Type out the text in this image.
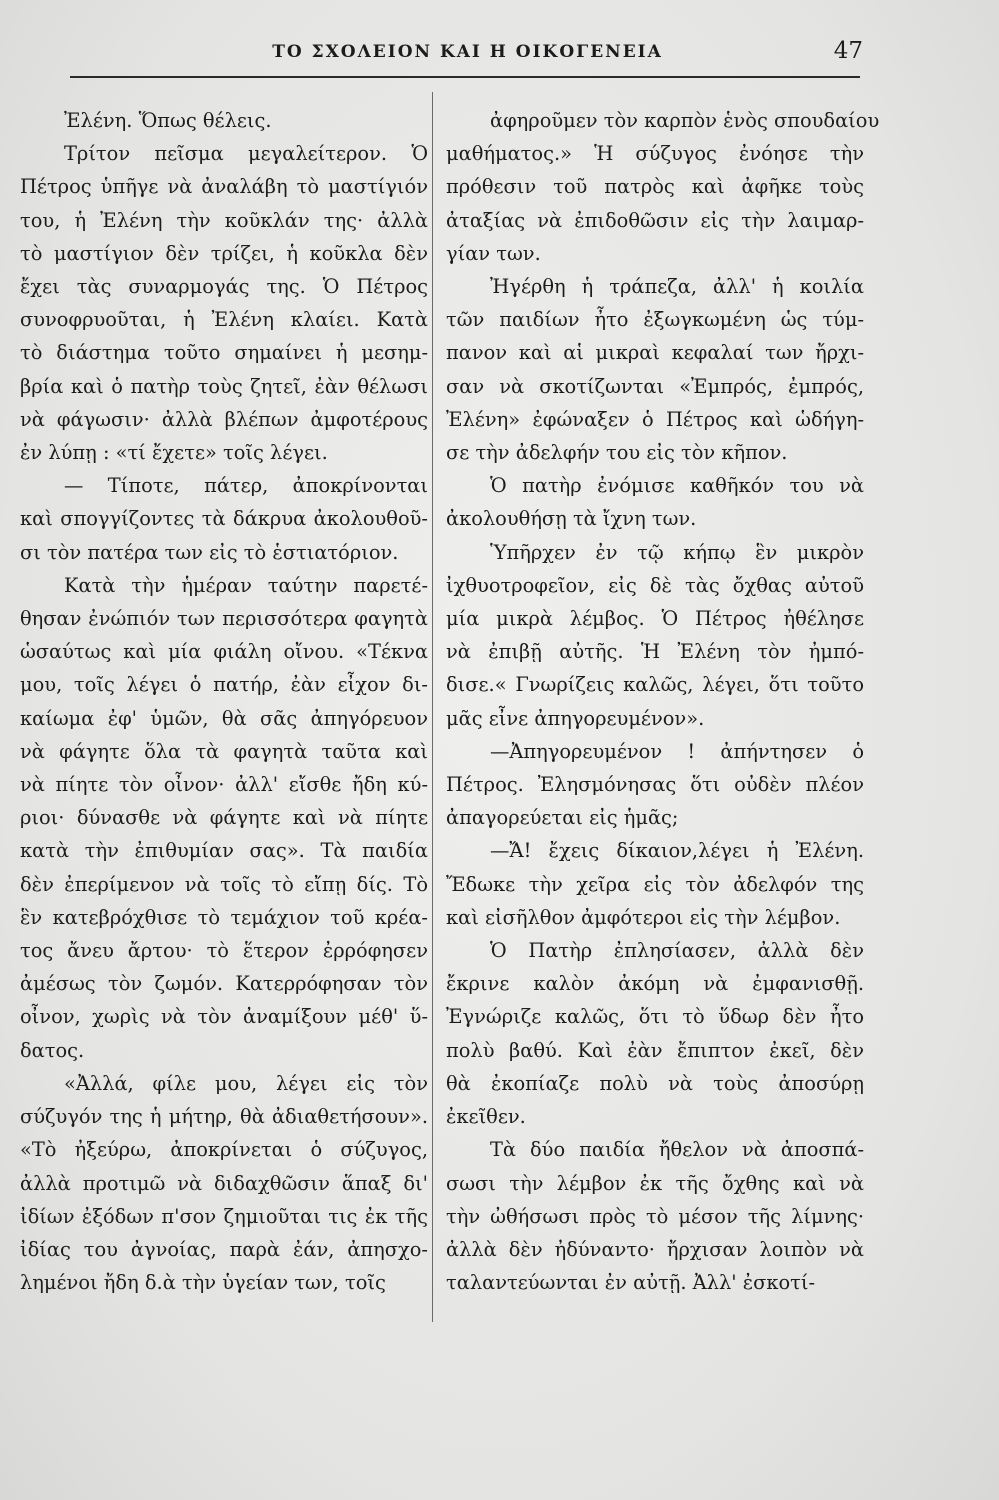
ΤΟ ΣΧΟΛΕΙΟΝ ΚΑΙ Η ΟΙΚΟΓΕΝΕΙΑ	47
Ἐλένη. Ὅπως θέλεις.
Τρίτον πεῖσμα μεγαλείτερον. Ὁ
Πέτρος ὑπῆγε νὰ ἀναλάβη τὸ μαστίγιόν
του, ἡ Ἐλένη τὴν κοῦκλάν της· ἀλλὰ
τὸ μαστίγιον δὲν τρίζει, ἡ κοῦκλα δὲν
ἔχει τὰς συναρμογάς της. Ὁ Πέτρος
συνοφρυοῦται, ἡ Ἐλένη κλαίει. Κατὰ
τὸ διάστημα τοῦτο σημαίνει ἡ μεσημ-
βρία καὶ ὁ πατὴρ τοὺς ζητεῖ, ἐὰν θέλωσι
νὰ φάγωσιν· ἀλλὰ βλέπων ἀμφοτέρους
ἐν λύπῃ : «τί ἔχετε» τοῖς λέγει.
— Τίποτε, πάτερ, ἀποκρίνονται
καὶ σπογγίζοντες τὰ δάκρυα ἀκολουθοῦ-
σι τὸν πατέρα των εἰς τὸ ἑστιατόριον.
Κατὰ τὴν ἡμέραν ταύτην παρετέ-
θησαν ἐνώπιόν των περισσότερα φαγητὰ
ὡσαύτως καὶ μία φιάλη οἴνου. «Τέκνα
μου, τοῖς λέγει ὁ πατήρ, ἐὰν εἶχον δι-
καίωμα ἐφ' ὑμῶν, θὰ σᾶς ἀπηγόρευον
νὰ φάγητε ὅλα τὰ φαγητὰ ταῦτα καὶ
νὰ πίητε τὸν οἶνον· ἀλλ' εἴσθε ἤδη κύ-
ριοι· δύνασθε νὰ φάγητε καὶ νὰ πίητε
κατὰ τὴν ἐπιθυμίαν σας». Τὰ παιδία
δὲν ἐπερίμενον νὰ τοῖς τὸ εἴπῃ δίς. Τὸ
ἓν κατεβρόχθισε τὸ τεμάχιον τοῦ κρέα-
τος ἄνευ ἄρτου· τὸ ἕτερον ἐρρόφησεν
ἀμέσως τὸν ζωμόν. Κατερρόφησαν τὸν
οἶνον, χωρὶς νὰ τὸν ἀναμίξουν μέθ' ὕ-
δατος.
«Ἀλλά, φίλε μου, λέγει εἰς τὸν
σύζυγόν της ἡ μήτηρ, θὰ ἀδιαθετήσουν».
«Τὸ ἠξεύρω, ἀποκρίνεται ὁ σύζυγος,
ἀλλὰ προτιμῶ νὰ διδαχθῶσιν ἅπαξ δι'
ἰδίων ἐξόδων π'σον ζημιοῦται τις ἐκ τῆς
ἰδίας του ἀγνοίας, παρὰ ἐάν, ἀπησχο-
λημένοι ἤδη δ.ὰ τὴν ὑγείαν των, τοῖς
ἀφηροῦμεν τὸν καρπὸν ἑνὸς σπουδαίου
μαθήματος.» Ἡ σύζυγος ἐνόησε τὴν
πρόθεσιν τοῦ πατρὸς καὶ ἀφῆκε τοὺς
ἀταξίας νὰ ἐπιδοθῶσιν εἰς τὴν λαιμαρ-
γίαν των.
Ἠγέρθη ἡ τράπεζα, ἀλλ' ἡ κοιλία
τῶν παιδίων ἦτο ἐξωγκωμένη ὡς τύμ-
πανον καὶ αἱ μικραὶ κεφαλαί των ἤρχι-
σαν νὰ σκοτίζωνται «Ἐμπρός, ἐμπρός,
Ἐλένη» ἐφώναξεν ὁ Πέτρος καὶ ὡδήγη-
σε τὴν ἀδελφήν του εἰς τὸν κῆπον.
Ὁ πατὴρ ἐνόμισε καθῆκόν του νὰ
ἀκολουθήσῃ τὰ ἴχνη των.
Ὑπῆρχεν ἐν τῷ κήπῳ ἓν μικρὸν
ἰχθυοτροφεῖον, εἰς δὲ τὰς ὄχθας αὐτοῦ
μία μικρὰ λέμβος. Ὁ Πέτρος ἠθέλησε
νὰ ἐπιβῇ αὐτῆς. Ἡ Ἐλένη τὸν ἠμπό-
δισε.« Γνωρίζεις καλῶς, λέγει, ὅτι τοῦτο
μᾶς εἶνε ἀπηγορευμένον».
—Ἀπηγορευμένον ! ἀπήντησεν ὁ
Πέτρος. Ἐλησμόνησας ὅτι οὐδὲν πλέον
ἀπαγορεύεται εἰς ἡμᾶς;
—Ἄ! ἔχεις δίκαιον,λέγει ἡ Ἐλένη.
Ἔδωκε τὴν χεῖρα εἰς τὸν ἀδελφόν της
καὶ εἰσῆλθον ἀμφότεροι εἰς τὴν λέμβον.
Ὁ Πατὴρ ἐπλησίασεν, ἀλλὰ δὲν
ἔκρινε καλὸν ἀκόμη νὰ ἐμφανισθῇ.
Ἐγνώριζε καλῶς, ὅτι τὸ ὕδωρ δὲν ἦτο
πολὺ βαθύ. Καὶ ἐὰν ἔπιπτον ἐκεῖ, δὲν
θὰ ἐκοπίαζε πολὺ νὰ τοὺς ἀποσύρῃ
ἐκεῖθεν.
Τὰ δύο παιδία ἤθελον νὰ ἀποσπά-
σωσι τὴν λέμβον ἐκ τῆς ὄχθης καὶ νὰ
τὴν ὠθήσωσι πρὸς τὸ μέσον τῆς λίμνης·
ἀλλὰ δὲν ἠδύναντο· ἤρχισαν λοιπὸν νὰ
ταλαντεύωνται ἐν αὐτῇ. Ἀλλ' ἐσκοτί-
